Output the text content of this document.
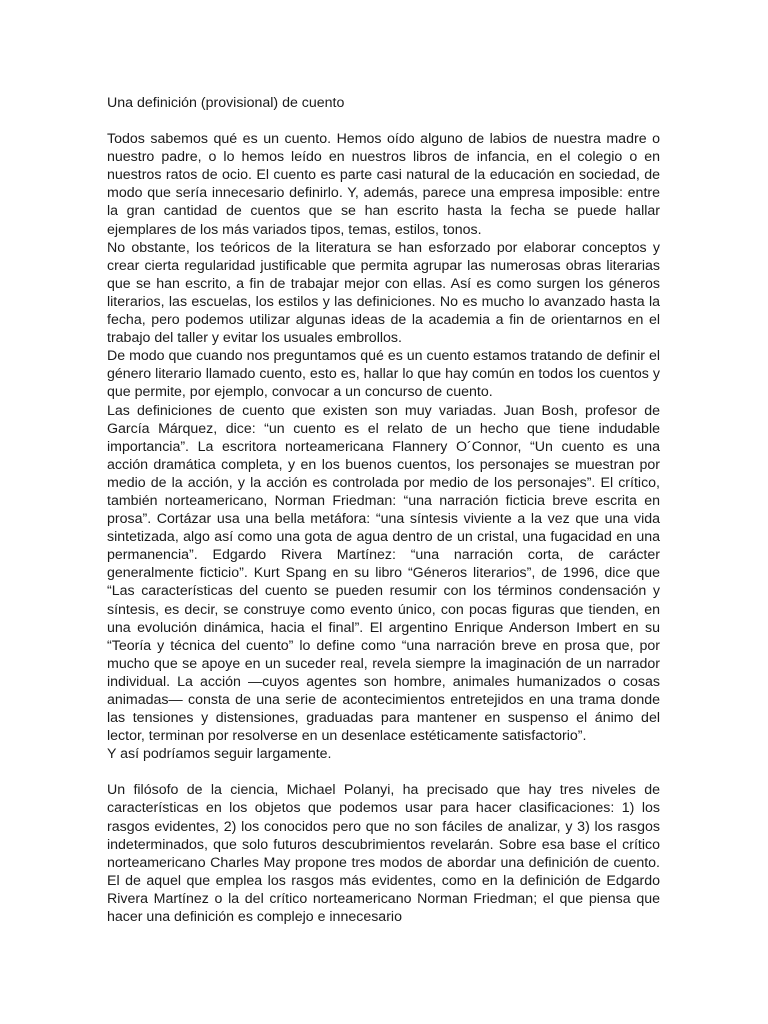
Una definición (provisional) de cuento

Todos sabemos qué es un cuento. Hemos oído alguno de labios de nuestra madre o nuestro padre, o lo hemos leído en nuestros libros de infancia, en el colegio o en nuestros ratos de ocio. El cuento es parte casi natural de la educación en sociedad, de modo que sería innecesario definirlo. Y, además, parece una empresa imposible: entre la gran cantidad de cuentos que se han escrito hasta la fecha se puede hallar ejemplares de los más variados tipos, temas, estilos, tonos.

No obstante, los teóricos de la literatura se han esforzado por elaborar conceptos y crear cierta regularidad justificable que permita agrupar las numerosas obras literarias que se han escrito, a fin de trabajar mejor con ellas. Así es como surgen los géneros literarios, las escuelas, los estilos y las definiciones. No es mucho lo avanzado hasta la fecha, pero podemos utilizar algunas ideas de la academia a fin de orientarnos en el trabajo del taller y evitar los usuales embrollos.

De modo que cuando nos preguntamos qué es un cuento estamos tratando de definir el género literario llamado cuento, esto es, hallar lo que hay común en todos los cuentos y que permite, por ejemplo, convocar a un concurso de cuento.

Las definiciones de cuento que existen son muy variadas. Juan Bosh, profesor de García Márquez, dice: “un cuento es el relato de un hecho que tiene indudable importancia”. La escritora norteamericana Flannery O´Connor, “Un cuento es una acción dramática completa, y en los buenos cuentos, los personajes se muestran por medio de la acción, y la acción es controlada por medio de los personajes”. El crítico, también norteamericano, Norman Friedman: “una narración ficticia breve escrita en prosa”. Cortázar usa una bella metáfora: “una síntesis viviente a la vez que una vida sintetizada, algo así como una gota de agua dentro de un cristal, una fugacidad en una permanencia”. Edgardo Rivera Martínez: “una narración corta, de carácter generalmente ficticio”. Kurt Spang en su libro “Géneros literarios”, de 1996, dice que “Las características del cuento se pueden resumir con los términos condensación y síntesis, es decir, se construye como evento único, con pocas figuras que tienden, en una evolución dinámica, hacia el final”. El argentino Enrique Anderson Imbert en su “Teoría y técnica del cuento” lo define como “una narración breve en prosa que, por mucho que se apoye en un suceder real, revela siempre la imaginación de un narrador individual. La acción —cuyos agentes son hombre, animales humanizados o cosas animadas— consta de una serie de acontecimientos entretejidos en una trama donde las tensiones y distensiones, graduadas para mantener en suspenso el ánimo del lector, terminan por resolverse en un desenlace estéticamente satisfactorio”.

Y así podríamos seguir largamente.

Un filósofo de la ciencia, Michael Polanyi, ha precisado que hay tres niveles de características en los objetos que podemos usar para hacer clasificaciones: 1) los rasgos evidentes, 2) los conocidos pero que no son fáciles de analizar, y 3) los rasgos indeterminados, que solo futuros descubrimientos revelarán. Sobre esa base el crítico norteamericano Charles May propone tres modos de abordar una definición de cuento. El de aquel que emplea los rasgos más evidentes, como en la definición de Edgardo Rivera Martínez o la del crítico norteamericano Norman Friedman; el que piensa que hacer una definición es complejo e innecesario
